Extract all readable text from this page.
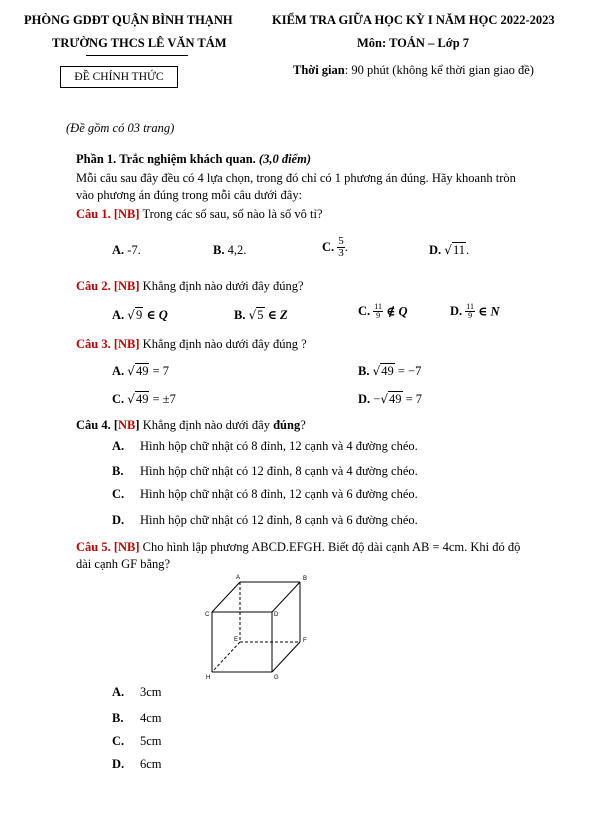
PHÒNG GDĐT QUẬN BÌNH THẠNH
TRƯỜNG THCS LÊ VĂN TÁM
ĐỀ CHÍNH THỨC
KIỂM TRA GIỮA HỌC KỲ I NĂM HỌC 2022-2023
Môn: TOÁN – Lớp 7
Thời gian: 90 phút (không kể thời gian giao đề)
(Đề gồm có 03 trang)
Phần 1. Trắc nghiệm khách quan. (3,0 điểm)
Mỗi câu sau đây đều có 4 lựa chọn, trong đó chỉ có 1 phương án đúng. Hãy khoanh tròn
vào phương án đúng trong mỗi câu dưới đây:
Câu 1. [NB] Trong các số sau, số nào là số vô tỉ?
A. -7.	B. 4,2.	C. $\frac{5}{3}$ .	D. √11.
Câu 2. [NB] Khẳng định nào dưới đây đúng?
A. √9 ∈ Q	B. √5 ∈ Z	C. $\frac{11}{9}$ ∉ Q	D. $\frac{11}{9}$ ∈ N
Câu 3. [NB] Khẳng định nào dưới đây đúng ?
A. √49 = 7	B. √49 = −7
C. √49 = ±7	D. −√49 = 7
Câu 4. [NB] Khẳng định nào dưới đây đúng?
A. Hình hộp chữ nhật có 8 đỉnh, 12 cạnh và 4 đường chéo.
B. Hình hộp chữ nhật có 12 đỉnh, 8 cạnh và 4 đường chéo.
C. Hình hộp chữ nhật có 8 đỉnh, 12 cạnh và 6 đường chéo.
D. Hình hộp chữ nhật có 12 đỉnh, 8 cạnh và 6 đường chéo.
Câu 5. [NB] Cho hình lập phương ABCD.EFGH. Biết độ dài cạnh AB = 4cm. Khi đó độ
dài cạnh GF bằng?
A	B
C	D
E	F
G
H
A. 3cm
B. 4cm
C. 5cm
D. 6cm
